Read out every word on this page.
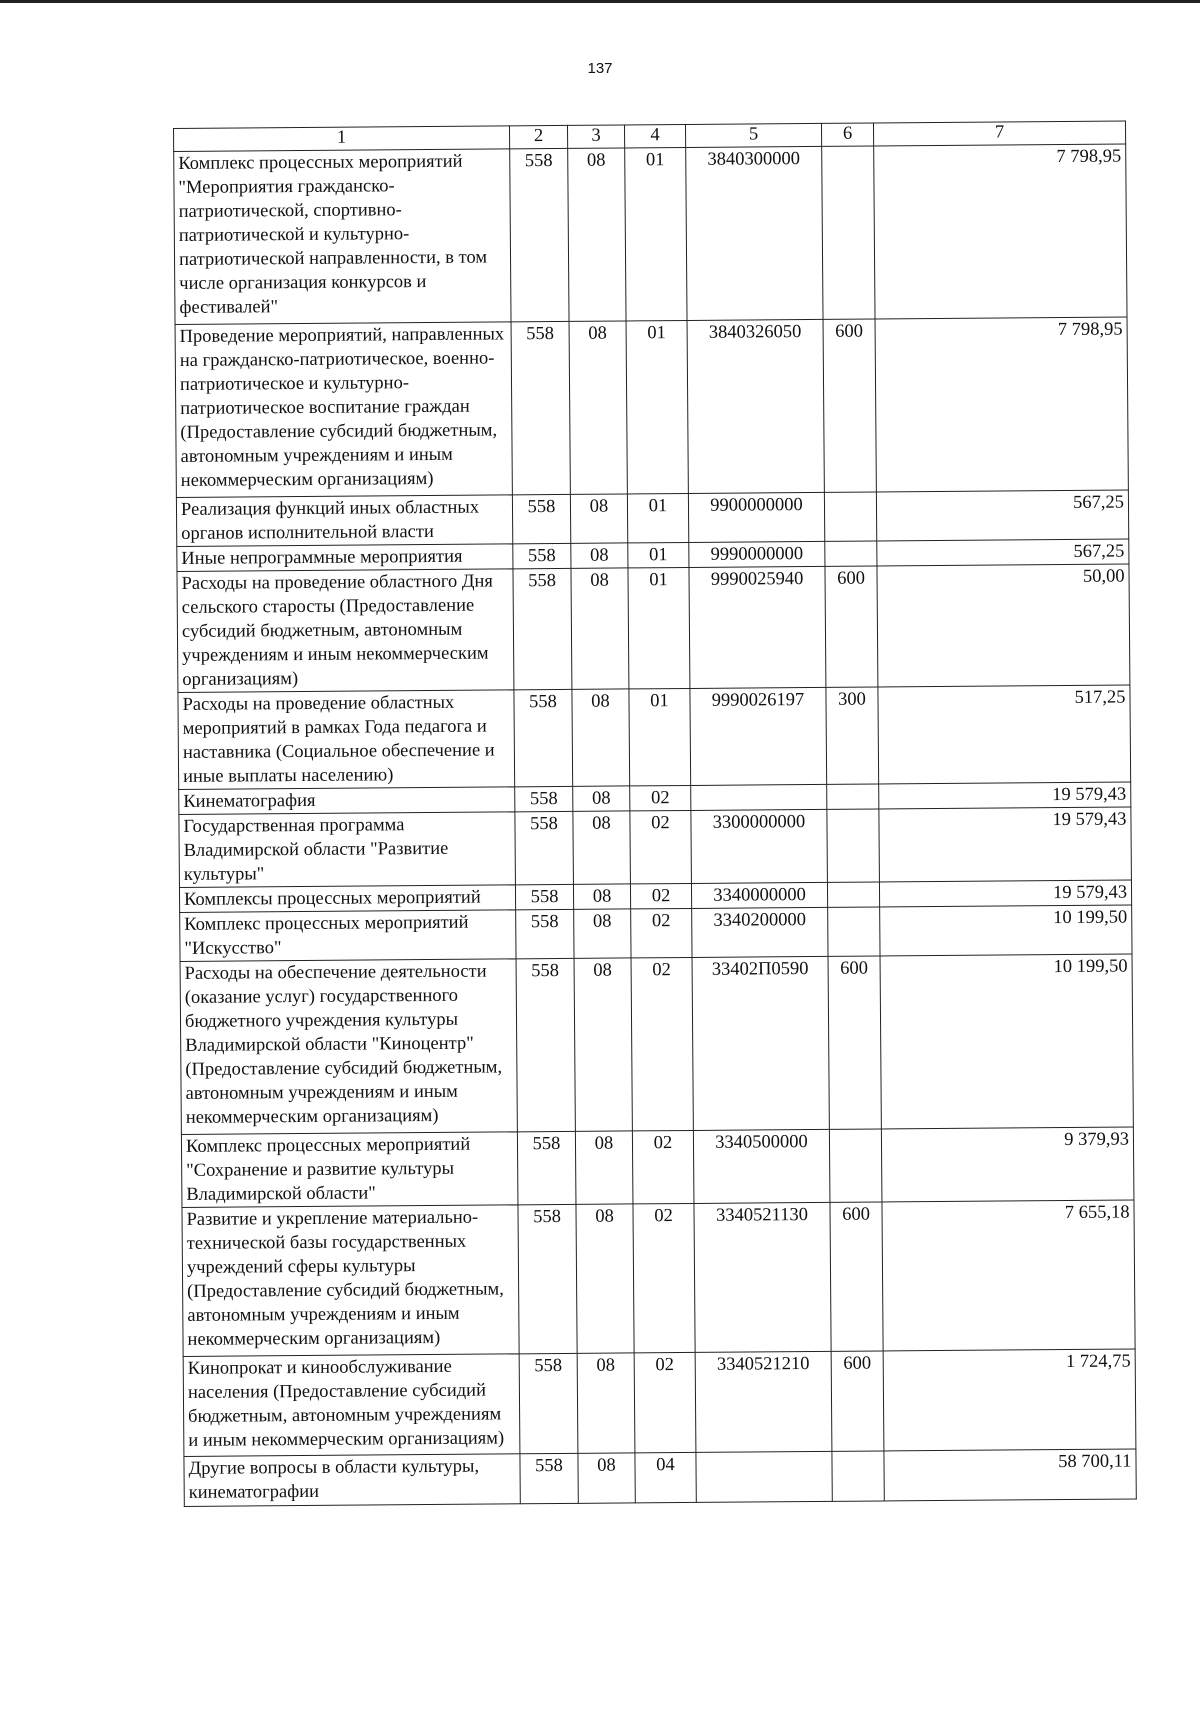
137
1	2	3	4	5	6	7
Комплекс процессных мероприятий "Мероприятия гражданско-патриотической, спортивно-патриотической и культурно-патриотической направленности, в том числе организация конкурсов и фестивалей"	558	08	01	3840300000		7 798,95
Проведение мероприятий, направленных на гражданско-патриотическое, военно-патриотическое и культурно-патриотическое воспитание граждан (Предоставление субсидий бюджетным, автономным учреждениям и иным некоммерческим организациям)	558	08	01	3840326050	600	7 798,95
Реализация функций иных областных органов исполнительной власти	558	08	01	9900000000		567,25
Иные непрограммные мероприятия	558	08	01	9990000000		567,25
Расходы на проведение областного Дня сельского старосты (Предоставление субсидий бюджетным, автономным учреждениям и иным некоммерческим организациям)	558	08	01	9990025940	600	50,00
Расходы на проведение областных мероприятий в рамках Года педагога и наставника (Социальное обеспечение и иные выплаты населению)	558	08	01	9990026197	300	517,25
Кинематография	558	08	02			19 579,43
Государственная программа Владимирской области "Развитие культуры"	558	08	02	3300000000		19 579,43
Комплексы процессных мероприятий	558	08	02	3340000000		19 579,43
Комплекс процессных мероприятий "Искусство"	558	08	02	3340200000		10 199,50
Расходы на обеспечение деятельности (оказание услуг) государственного бюджетного учреждения культуры Владимирской области "Киноцентр" (Предоставление субсидий бюджетным, автономным учреждениям и иным некоммерческим организациям)	558	08	02	33402П0590	600	10 199,50
Комплекс процессных мероприятий "Сохранение и развитие культуры Владимирской области"	558	08	02	3340500000		9 379,93
Развитие и укрепление материально-технической базы государственных учреждений сферы культуры (Предоставление субсидий бюджетным, автономным учреждениям и иным некоммерческим организациям)	558	08	02	3340521130	600	7 655,18
Кинопрокат и кинообслуживание населения (Предоставление субсидий бюджетным, автономным учреждениям и иным некоммерческим организациям)	558	08	02	3340521210	600	1 724,75
Другие вопросы в области культуры, кинематографии	558	08	04			58 700,11
